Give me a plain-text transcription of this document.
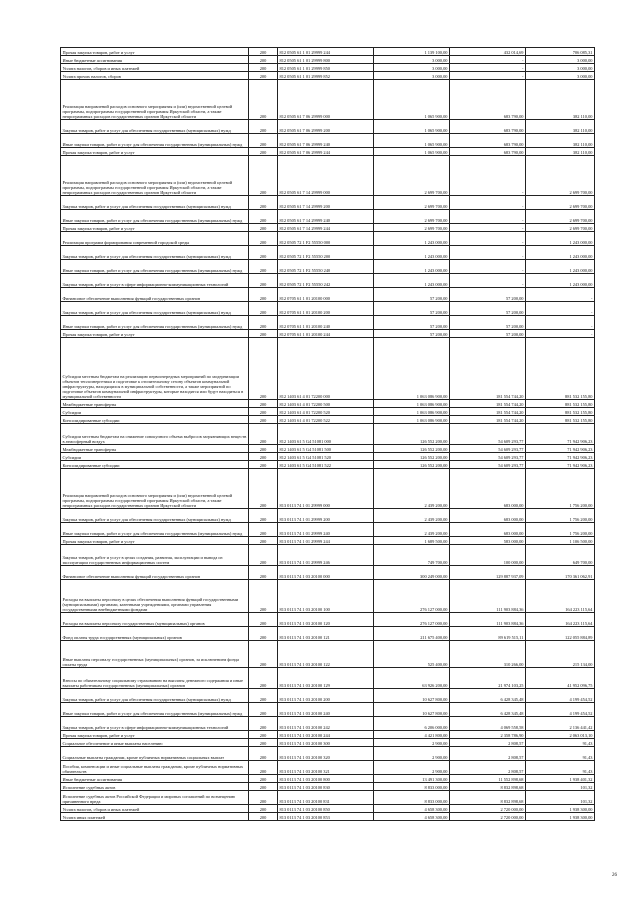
Прочая закупка товаров, работ и услуг	200	812 0505 61 1 01 29999 244	1 139 100,00	432 014,69	706 085,31
Иные бюджетные ассигнования	200	812 0505 61 1 01 29999 800	3 000,00	-	3 000,00
Уплата налогов, сборов и иных платежей	200	812 0505 61 1 01 29999 850	3 000,00	-	3 000,00
Уплата прочих налогов, сборов	200	812 0505 61 1 01 29999 852	3 000,00	-	3 000,00
Реализация направлений расходов основного мероприятия и (или) ведомственной целевой программы, подпрограммы государственной программы Иркутской области, а также непрограммных расходов государственных органов Иркутской области	200	812 0505 61 7 06 29999 000	1 065 900,00	683 790,00	382 110,00
Закупка товаров, работ и услуг для обеспечения государственных (муниципальных) нужд	200	812 0505 61 7 06 29999 200	1 065 900,00	683 790,00	382 110,00
Иные закупки товаров, работ и услуг для обеспечения государственных (муниципальных) нужд	200	812 0505 61 7 06 29999 240	1 065 900,00	683 790,00	382 110,00
Прочая закупка товаров, работ и услуг	200	812 0505 61 7 06 29999 244	1 065 900,00	683 790,00	382 110,00
Реализация направлений расходов основного мероприятия и (или) ведомственной целевой программы, подпрограммы государственной программы Иркутской области, а также непрограммных расходов государственных органов Иркутской области	200	812 0505 61 7 14 29999 000	2 699 700,00	-	2 699 700,00
Закупка товаров, работ и услуг для обеспечения государственных (муниципальных) нужд	200	812 0505 61 7 14 29999 200	2 699 700,00	-	2 699 700,00
Иные закупки товаров, работ и услуг для обеспечения государственных (муниципальных) нужд	200	812 0505 61 7 14 29999 240	2 699 700,00	-	2 699 700,00
Прочая закупка товаров, работ и услуг	200	812 0505 61 7 14 29999 244	2 699 700,00	-	2 699 700,00
Реализация программ формирования современной городской среды	200	812 0505 72 1 F2 55550 000	1 243 000,00	-	1 243 000,00
Закупка товаров, работ и услуг для обеспечения государственных (муниципальных) нужд	200	812 0505 72 1 F2 55550 200	1 243 000,00	-	1 243 000,00
Иные закупки товаров, работ и услуг для обеспечения государственных (муниципальных) нужд	200	812 0505 72 1 F2 55550 240	1 243 000,00	-	1 243 000,00
Закупка товаров, работ и услуг в сфере информационно-коммуникационных технологий	200	812 0505 72 1 F2 55550 242	1 243 000,00	-	1 243 000,00
Финансовое обеспечение выполнения функций государственных органов	200	812 0705 61 1 01 20100 000	57 200,00	57 200,00	-
Закупка товаров, работ и услуг для обеспечения государственных (муниципальных) нужд	200	812 0705 61 1 01 20100 200	57 200,00	57 200,00	-
Иные закупки товаров, работ и услуг для обеспечения государственных (муниципальных) нужд	200	812 0705 61 1 01 20100 240	57 200,00	57 200,00	-
Прочая закупка товаров, работ и услуг	200	812 0705 61 1 01 20100 244	57 200,00	57 200,00	-
Субсидии местным бюджетам на реализацию первоочередных мероприятий по модернизации объектов теплоэнергетики и подготовке к отопительному сезону объектов коммунальной инфраструктуры, находящихся в муниципальной собственности, а также мероприятий по подготовке объектов коммунальной инфраструктуры, которые находятся или будут находиться в муниципальной собственности	200	812 1403 61 4 01 72200 000	1 063 086 900,00	181 554 744,20	881 532 155,80
Межбюджетные трансферты	200	812 1403 61 4 01 72200 500	1 063 086 900,00	181 554 744,20	881 532 155,80
Субсидии	200	812 1403 61 4 01 72200 520	1 063 086 900,00	181 554 744,20	881 532 155,80
Консолидированные субсидии	200	812 1403 61 4 01 72200 522	1 063 086 900,00	181 554 744,20	881 532 155,80
Субсидии местным бюджетам на снижение совокупного объема выбросов загрязняющих веществ в атмосферный воздух	200	812 1403 61 5 G4 51081 000	126 552 200,00	54 609 293,77	71 942 906,23
Межбюджетные трансферты	200	812 1403 61 5 G4 51081 500	126 552 200,00	54 609 293,77	71 942 906,23
Субсидии	200	812 1403 61 5 G4 51081 520	126 552 200,00	54 609 293,77	71 942 906,23
Консолидированные субсидии	200	812 1403 61 5 G4 51081 522	126 552 200,00	54 609 293,77	71 942 906,23
Реализация направлений расходов основного мероприятия и (или) ведомственной целевой программы, подпрограммы государственной программы Иркутской области, а также непрограммных расходов государственных органов Иркутской области	200	813 0113 74 1 01 29999 000	2 439 200,00	683 000,00	1 756 200,00
Закупка товаров, работ и услуг для обеспечения государственных (муниципальных) нужд	200	813 0113 74 1 01 29999 200	2 439 200,00	683 000,00	1 756 200,00
Иные закупки товаров, работ и услуг для обеспечения государственных (муниципальных) нужд	200	813 0113 74 1 01 29999 240	2 439 200,00	683 000,00	1 756 200,00
Прочая закупка товаров, работ и услуг	200	813 0113 74 1 01 29999 244	1 689 500,00	583 000,00	1 106 500,00
Закупка товаров, работ и услуг в целях создания, развития, эксплуатации и вывода из эксплуатации государственных информационных систем	200	813 0113 74 1 01 29999 246	749 700,00	100 000,00	649 700,00
Финансовое обеспечение выполнения функций государственных органов	200	813 0113 74 1 03 20100 000	300 249 000,00	129 887 937,09	170 361 062,91
Расходы на выплаты персоналу в целях обеспечения выполнения функций государственными (муниципальными) органами, казенными учреждениями, органами управления государственными внебюджетными фондами	200	813 0113 74 1 03 20100 100	276 127 000,00	111 903 884,36	164 223 115,64
Расходы на выплаты персоналу государственных (муниципальных) органов	200	813 0113 74 1 03 20100 120	276 127 000,00	111 903 884,36	164 223 115,64
Фонд оплаты труда государственных (муниципальных) органов	200	813 0113 74 1 03 20100 121	211 675 400,00	89 619 515,11	122 055 884,89
Иные выплаты персоналу государственных (муниципальных) органов, за исключением фонда оплаты труда	200	813 0113 74 1 03 20100 122	525 400,00	310 266,00	215 134,00
Взносы по обязательному социальному страхованию на выплаты денежного содержания и иные выплаты работникам государственных (муниципальных) органов	200	813 0113 74 1 03 20100 129	63 926 200,00	21 974 103,25	41 952 096,75
Закупка товаров, работ и услуг для обеспечения государственных (муниципальных) нужд	200	813 0113 74 1 03 20100 200	10 627 800,00	6 428 345,48	4 199 454,52
Иные закупки товаров, работ и услуг для обеспечения государственных (муниципальных) нужд	200	813 0113 74 1 03 20100 240	10 627 800,00	6 428 345,48	4 199 454,52
Закупка товаров, работ и услуг в сфере информационно-коммуникационных технологий	200	813 0113 74 1 03 20100 242	6 206 000,00	4 069 558,58	2 136 441,42
Прочая закупка товаров, работ и услуг	200	813 0113 74 1 03 20100 244	4 421 800,00	2 358 786,90	2 063 013,10
Социальное обеспечение и иные выплаты населению	200	813 0113 74 1 03 20100 300	2 900,00	2 808,57	91,43
Социальные выплаты гражданам, кроме публичных нормативных социальных выплат	200	813 0113 74 1 03 20100 320	2 900,00	2 808,57	91,43
Пособия, компенсации и иные социальные выплаты гражданам, кроме публичных нормативных обязательств	200	813 0113 74 1 03 20100 321	2 900,00	2 808,57	91,43
Иные бюджетные ассигнования	200	813 0113 74 1 03 20100 800	13 491 300,00	11 552 898,68	1 938 401,32
Исполнение судебных актов	200	813 0113 74 1 03 20100 830	8 833 000,00	8 832 898,68	101,32
Исполнение судебных актов Российской Федерации и мировых соглашений по возмещению причиненного вреда	200	813 0113 74 1 03 20100 831	8 833 000,00	8 832 898,68	101,32
Уплата налогов, сборов и иных платежей	200	813 0113 74 1 03 20100 850	4 658 300,00	2 720 000,00	1 938 300,00
Уплата иных платежей	200	813 0113 74 1 03 20100 853	4 658 300,00	2 720 000,00	1 938 300,00
26
